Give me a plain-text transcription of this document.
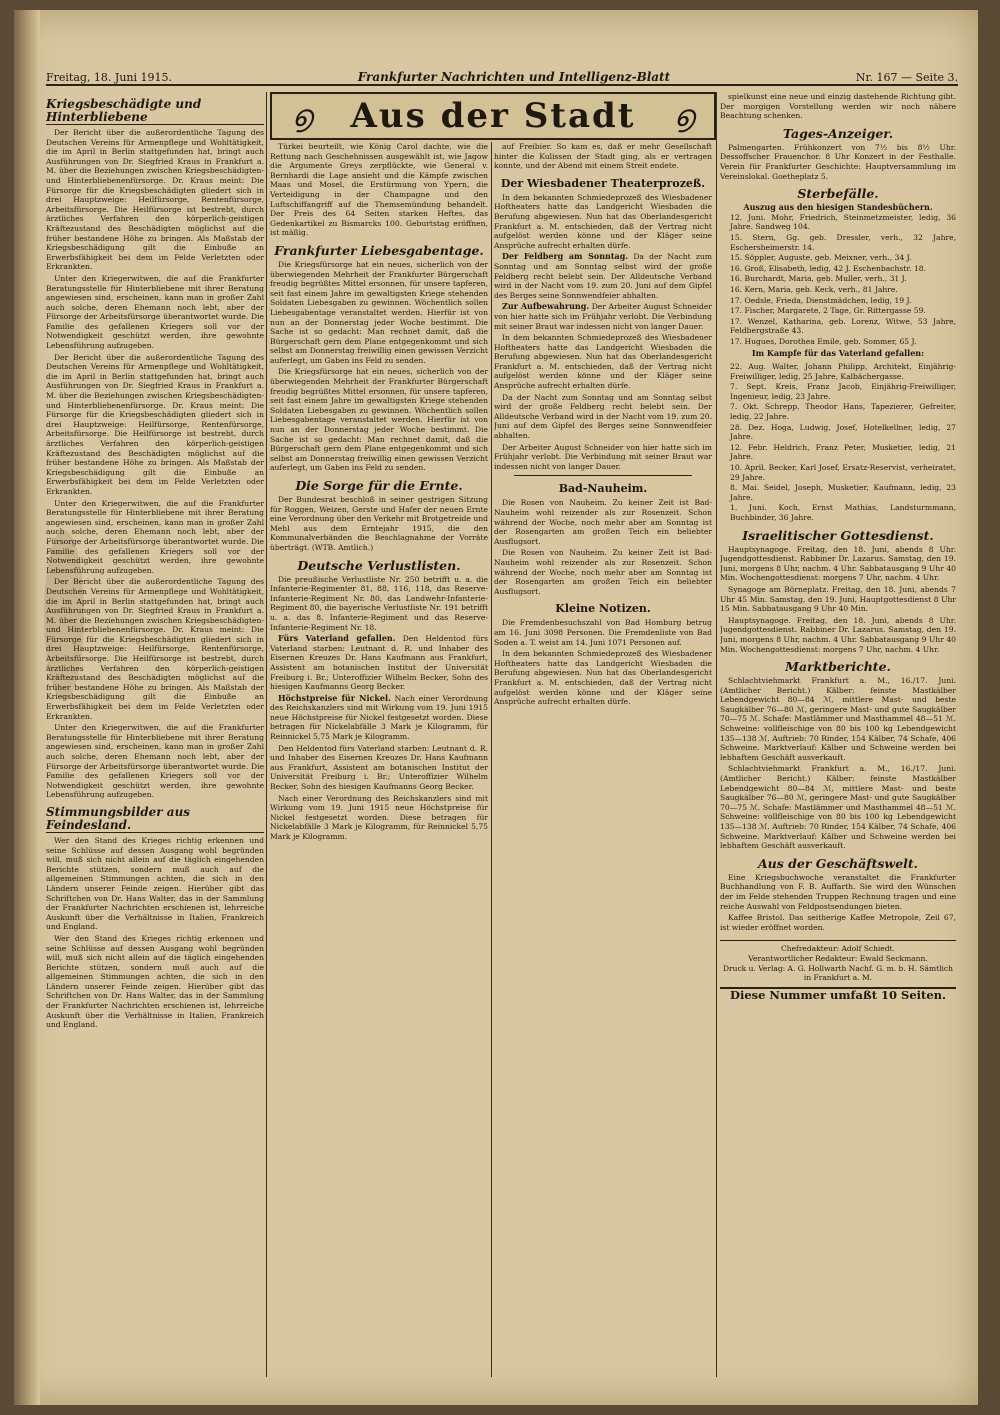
Freitag, 18. Juni 1915.	Frankfurter Nachrichten und Intelligenz-Blatt	Nr. 167 — Seite 3.
൭	Aus der Stadt	൭
Kriegsbeschädigte und Hinterbliebene

Der Bericht über die außerordentliche Tagung des Deutschen Vereins für Armenpflege und Wohltätigkeit, die im April in Berlin stattgefunden hat, bringt auch Ausführungen von Dr. Siegfried Kraus in Frankfurt a. M. über die Beziehungen zwischen Kriegsbeschädigten- und Hinterbliebenenfürsorge. Dr. Kraus meint: Die Fürsorge für die Kriegsbeschädigten gliedert sich in drei Hauptzweige: Heilfürsorge, Rentenfürsorge, Arbeitsfürsorge. Die Heilfürsorge ist bestrebt, durch ärztliches Verfahren den körperlich-geistigen Kräftezustand des Beschädigten möglichst auf die früher bestandene Höhe zu bringen. Als Maßstab der Kriegsbeschädigung gilt die Einbuße an Erwerbsfähigkeit bei dem im Felde Verletzten oder Erkrankten.

Unter den Kriegerwitwen, die auf die Frankfurter Beratungsstelle für Hinterbliebene mit ihrer Beratung angewiesen sind, erscheinen, kann man in großer Zahl auch solche, deren Ehemann noch lebt, aber der Fürsorge der Arbeitsfürsorge überantwortet wurde. Die Familie des gefallenen Kriegers soll vor der Notwendigkeit geschützt werden, ihre gewohnte Lebensführung aufzugeben.

Der Bericht über die außerordentliche Tagung des Deutschen Vereins für Armenpflege und Wohltätigkeit, die im April in Berlin stattgefunden hat, bringt auch Ausführungen von Dr. Siegfried Kraus in Frankfurt a. M. über die Beziehungen zwischen Kriegsbeschädigten- und Hinterbliebenenfürsorge. Dr. Kraus meint: Die Fürsorge für die Kriegsbeschädigten gliedert sich in drei Hauptzweige: Heilfürsorge, Rentenfürsorge, Arbeitsfürsorge. Die Heilfürsorge ist bestrebt, durch ärztliches Verfahren den körperlich-geistigen Kräftezustand des Beschädigten möglichst auf die früher bestandene Höhe zu bringen. Als Maßstab der Kriegsbeschädigung gilt die Einbuße an Erwerbsfähigkeit bei dem im Felde Verletzten oder Erkrankten.

Unter den Kriegerwitwen, die auf die Frankfurter Beratungsstelle für Hinterbliebene mit ihrer Beratung angewiesen sind, erscheinen, kann man in großer Zahl auch solche, deren Ehemann noch lebt, aber der Fürsorge der Arbeitsfürsorge überantwortet wurde. Die Familie des gefallenen Kriegers soll vor der Notwendigkeit geschützt werden, ihre gewohnte Lebensführung aufzugeben.

Der Bericht über die außerordentliche Tagung des Deutschen Vereins für Armenpflege und Wohltätigkeit, die im April in Berlin stattgefunden hat, bringt auch Ausführungen von Dr. Siegfried Kraus in Frankfurt a. M. über die Beziehungen zwischen Kriegsbeschädigten- und Hinterbliebenenfürsorge. Dr. Kraus meint: Die Fürsorge für die Kriegsbeschädigten gliedert sich in drei Hauptzweige: Heilfürsorge, Rentenfürsorge, Arbeitsfürsorge. Die Heilfürsorge ist bestrebt, durch ärztliches Verfahren den körperlich-geistigen Kräftezustand des Beschädigten möglichst auf die früher bestandene Höhe zu bringen. Als Maßstab der Kriegsbeschädigung gilt die Einbuße an Erwerbsfähigkeit bei dem im Felde Verletzten oder Erkrankten.

Unter den Kriegerwitwen, die auf die Frankfurter Beratungsstelle für Hinterbliebene mit ihrer Beratung angewiesen sind, erscheinen, kann man in großer Zahl auch solche, deren Ehemann noch lebt, aber der Fürsorge der Arbeitsfürsorge überantwortet wurde. Die Familie des gefallenen Kriegers soll vor der Notwendigkeit geschützt werden, ihre gewohnte Lebensführung aufzugeben.

Stimmungsbilder aus Feindesland.

Wer den Stand des Krieges richtig erkennen und seine Schlüsse auf dessen Ausgang wohl begründen will, muß sich nicht allein auf die täglich eingehenden Berichte stützen, sondern muß auch auf die allgemeinen Stimmungen achten, die sich in den Ländern unserer Feinde zeigen. Hierüber gibt das Schriftchen von Dr. Hans Walter, das in der Sammlung der Frankfurter Nachrichten erschienen ist, lehrreiche Auskunft über die Verhältnisse in Italien, Frankreich und England.

Wer den Stand des Krieges richtig erkennen und seine Schlüsse auf dessen Ausgang wohl begründen will, muß sich nicht allein auf die täglich eingehenden Berichte stützen, sondern muß auch auf die allgemeinen Stimmungen achten, die sich in den Ländern unserer Feinde zeigen. Hierüber gibt das Schriftchen von Dr. Hans Walter, das in der Sammlung der Frankfurter Nachrichten erschienen ist, lehrreiche Auskunft über die Verhältnisse in Italien, Frankreich und England.

Türkei beurteilt, wie König Carol dachte, wie die Rettung nach Geschehnissen ausgewählt ist, wie Jagow die Argumente Greys zerpflückte, wie General v. Bernhardi die Lage ansieht und die Kämpfe zwischen Maas und Mosel, die Erstürmung von Ypern, die Verteidigung in der Champagne und den Luftschiffangriff auf die Themsemündung behandelt. Der Preis des 64 Seiten starken Heftes, das Gedenkartikel zu Bismarcks 100. Geburtstag eröffnen, ist mäßig.

Frankfurter Liebesgabentage.

Die Kriegsfürsorge hat ein neues, sicherlich von der überwiegenden Mehrheit der Frankfurter Bürgerschaft freudig begrüßtes Mittel ersonnen, für unsere tapferen, seit fast einem Jahre im gewaltigsten Kriege stehenden Soldaten Liebesgaben zu gewinnen. Wöchentlich sollen Liebesgabentage veranstaltet werden. Hierfür ist von nun an der Donnerstag jeder Woche bestimmt. Die Sache ist so gedacht: Man rechnet damit, daß die Bürgerschaft gern dem Plane entgegenkommt und sich selbst am Donnerstag freiwillig einen gewissen Verzicht auferlegt, um Gaben ins Feld zu senden.

Die Kriegsfürsorge hat ein neues, sicherlich von der überwiegenden Mehrheit der Frankfurter Bürgerschaft freudig begrüßtes Mittel ersonnen, für unsere tapferen, seit fast einem Jahre im gewaltigsten Kriege stehenden Soldaten Liebesgaben zu gewinnen. Wöchentlich sollen Liebesgabentage veranstaltet werden. Hierfür ist von nun an der Donnerstag jeder Woche bestimmt. Die Sache ist so gedacht: Man rechnet damit, daß die Bürgerschaft gern dem Plane entgegenkommt und sich selbst am Donnerstag freiwillig einen gewissen Verzicht auferlegt, um Gaben ins Feld zu senden.

Die Sorge für die Ernte.

Der Bundesrat beschloß in seiner gestrigen Sitzung für Roggen, Weizen, Gerste und Hafer der neuen Ernte eine Verordnung über den Verkehr mit Brotgetreide und Mehl aus dem Erntejahr 1915, die den Kommunalverbänden die Beschlagnahme der Vorräte überträgt. (WTB. Amtlich.)

Deutsche Verlustlisten.

Die preußische Verlustliste Nr. 250 betrifft u. a. die Infanterie-Regimenter 81, 88, 116, 118, das Reserve-Infanterie-Regiment Nr. 80, das Landwehr-Infanterie-Regiment 80, die bayerische Verlustliste Nr. 191 betrifft u. a. das 8. Infanterie-Regiment und das Reserve-Infanterie-Regiment Nr. 18.

Fürs Vaterland gefallen. Den Heldentod fürs Vaterland starben: Leutnant d. R. und Inhaber des Eisernen Kreuzes Dr. Hans Kaufmann aus Frankfurt, Assistent am botanischen Institut der Universität Freiburg i. Br.; Unteroffizier Wilhelm Becker, Sohn des hiesigen Kaufmanns Georg Becker.

Höchstpreise für Nickel. Nach einer Verordnung des Reichskanzlers sind mit Wirkung vom 19. Juni 1915 neue Höchstpreise für Nickel festgesetzt worden. Diese betragen für Nickelabfälle 3 Mark je Kilogramm, für Reinnickel 5,75 Mark je Kilogramm.

Den Heldentod fürs Vaterland starben: Leutnant d. R. und Inhaber des Eisernen Kreuzes Dr. Hans Kaufmann aus Frankfurt, Assistent am botanischen Institut der Universität Freiburg i. Br.; Unteroffizier Wilhelm Becker, Sohn des hiesigen Kaufmanns Georg Becker.

Nach einer Verordnung des Reichskanzlers sind mit Wirkung vom 19. Juni 1915 neue Höchstpreise für Nickel festgesetzt worden. Diese betragen für Nickelabfälle 3 Mark je Kilogramm, für Reinnickel 5,75 Mark je Kilogramm.

auf Freibier. So kam es, daß er mehr Gesellschaft hinter die Kulissen der Stadt ging, als er vertragen konnte, und der Abend mit einem Streit endete.

Der Wiesbadener Theaterprozeß.

In dem bekannten Schmiedeprozeß des Wiesbadener Hoftheaters hatte das Landgericht Wiesbaden die Berufung abgewiesen. Nun hat das Oberlandesgericht Frankfurt a. M. entschieden, daß der Vertrag nicht aufgelöst werden könne und der Kläger seine Ansprüche aufrecht erhalten dürfe.

Der Feldberg am Sonntag. Da der Nacht zum Sonntag und am Sonntag selbst wird der große Feldberg recht belebt sein. Der Alldeutsche Verband wird in der Nacht vom 19. zum 20. Juni auf dem Gipfel des Berges seine Sonnwendfeier abhalten.

Zur Aufbewahrung. Der Arbeiter August Schneider von hier hatte sich im Frühjahr verlobt. Die Verbindung mit seiner Braut war indessen nicht von langer Dauer.

In dem bekannten Schmiedeprozeß des Wiesbadener Hoftheaters hatte das Landgericht Wiesbaden die Berufung abgewiesen. Nun hat das Oberlandesgericht Frankfurt a. M. entschieden, daß der Vertrag nicht aufgelöst werden könne und der Kläger seine Ansprüche aufrecht erhalten dürfe.

Da der Nacht zum Sonntag und am Sonntag selbst wird der große Feldberg recht belebt sein. Der Alldeutsche Verband wird in der Nacht vom 19. zum 20. Juni auf dem Gipfel des Berges seine Sonnwendfeier abhalten.

Der Arbeiter August Schneider von hier hatte sich im Frühjahr verlobt. Die Verbindung mit seiner Braut war indessen nicht von langer Dauer.

Bad-Nauheim.

Die Rosen von Nauheim. Zu keiner Zeit ist Bad-Nauheim wohl reizender als zur Rosenzeit. Schon während der Woche, noch mehr aber am Sonntag ist der Rosengarten am großen Teich ein beliebter Ausflugsort.

Die Rosen von Nauheim. Zu keiner Zeit ist Bad-Nauheim wohl reizender als zur Rosenzeit. Schon während der Woche, noch mehr aber am Sonntag ist der Rosengarten am großen Teich ein beliebter Ausflugsort.

Kleine Notizen.

Die Fremdenbesuchszahl von Bad Homburg betrug am 16. Juni 3098 Personen. Die Fremdenliste von Bad Soden a. T. weist am 14. Juni 1071 Personen auf.

In dem bekannten Schmiedeprozeß des Wiesbadener Hoftheaters hatte das Landgericht Wiesbaden die Berufung abgewiesen. Nun hat das Oberlandesgericht Frankfurt a. M. entschieden, daß der Vertrag nicht aufgelöst werden könne und der Kläger seine Ansprüche aufrecht erhalten dürfe.

spielkunst eine neue und einzig dastehende Richtung gibt. Der morgigen Vorstellung werden wir noch nähere Beachtung schenken.

Tages-Anzeiger.

Palmengarten. Frühkonzert von 7½ bis 8½ Uhr. Dessoffscher Frauenchor. 8 Uhr Konzert in der Festhalle. Verein für Frankfurter Geschichte: Hauptversammlung im Vereinslokal. Goetheplatz 5.

Sterbefälle.
Auszug aus den hiesigen Standesbüchern.

12. Juni. Mohr, Friedrich, Steinmetzmeister, ledig, 36 Jahre. Sandweg 104.

15. Stern, Gg. geb. Dressler, verh., 32 Jahre, Eschersheimerstr. 14.

15. Söppler, Auguste, geb. Meixner, verh., 34 J.

16. Groß, Elisabeth, ledig, 42 J. Eschenbachstr. 18.

16. Burchardt, Maria, geb. Muller, verh., 31 J.

16. Kern, Maria, geb. Keck, verh., 81 Jahre.

17. Oedsle, Frieda, Dienstmädchen, ledig, 19 J.

17. Fischer, Margarete, 2 Tage, Gr. Rittergasse 59.

17. Wenzel, Katharina, geb. Lorenz, Witwe, 53 Jahre, Feldbergstraße 43.

17. Hugues, Dorothea Emile, geb. Sommer, 65 J.

Im Kampfe für das Vaterland gefallen:

22. Aug. Walter, Johann Philipp, Architekt, Einjährig-Freiwilliger, ledig, 25 Jahre, Kalbächergasse.

7. Sept. Kreis, Franz Jacob, Einjährig-Freiwilliger, Ingenieur, ledig, 23 Jahre.

7. Okt. Schrepp, Theodor Hans, Tapezierer, Gefreiter, ledig, 22 Jahre.

28. Dez. Hoga, Ludwig, Josef, Hotelkellner, ledig, 27 Jahre.

12. Febr. Heldrich, Franz Peter, Musketier, ledig, 21 Jahre.

10. April. Becker, Karl Josef, Ersatz-Reservist, verheiratet, 29 Jahre.

8. Mai. Seidel, Joseph, Musketier, Kaufmann, ledig, 23 Jahre.

1. Juni. Koch, Ernst Mathias, Landsturmmann, Buchbinder, 36 Jahre.

Israelitischer Gottesdienst.

Hauptsynagoge. Freitag, den 18. Juni, abends 8 Uhr. Jugendgottesdienst. Rabbiner Dr. Lazarus. Samstag, den 19. Juni, morgens 8 Uhr, nachm. 4 Uhr. Sabbatausgang 9 Uhr 40 Min. Wochengottesdienst: morgens 7 Uhr, nachm. 4 Uhr.

Synagoge am Börneplatz. Freitag, den 18. Juni, abends 7 Uhr 45 Min. Samstag, den 19. Juni, Hauptgottesdienst 8 Uhr 15 Min. Sabbatausgang 9 Uhr 40 Min.

Hauptsynagoge. Freitag, den 18. Juni, abends 8 Uhr. Jugendgottesdienst. Rabbiner Dr. Lazarus. Samstag, den 19. Juni, morgens 8 Uhr, nachm. 4 Uhr. Sabbatausgang 9 Uhr 40 Min. Wochengottesdienst: morgens 7 Uhr, nachm. 4 Uhr.

Marktberichte.

Schlachtviehmarkt Frankfurt a. M., 16./17. Juni. (Amtlicher Bericht.) Kälber: feinste Mastkälber Lebendgewicht 80—84 ℳ, mittlere Mast- und beste Saugkälber 76—80 ℳ, geringere Mast- und gute Saugkälber 70—75 ℳ. Schafe: Mastlämmer und Masthammel 48—51 ℳ. Schweine: vollfleischige von 80 bis 100 kg Lebendgewicht 135—138 ℳ. Auftrieb: 70 Rinder, 154 Kälber, 74 Schafe, 406 Schweine. Marktverlauf: Kälber und Schweine werden bei lebhaftem Geschäft ausverkauft.

Schlachtviehmarkt Frankfurt a. M., 16./17. Juni. (Amtlicher Bericht.) Kälber: feinste Mastkälber Lebendgewicht 80—84 ℳ, mittlere Mast- und beste Saugkälber 76—80 ℳ, geringere Mast- und gute Saugkälber 70—75 ℳ. Schafe: Mastlämmer und Masthammel 48—51 ℳ. Schweine: vollfleischige von 80 bis 100 kg Lebendgewicht 135—138 ℳ. Auftrieb: 70 Rinder, 154 Kälber, 74 Schafe, 406 Schweine. Marktverlauf: Kälber und Schweine werden bei lebhaftem Geschäft ausverkauft.

Aus der Geschäftswelt.

Eine Kriegsbuchwoche veranstaltet die Frankfurter Buchhandlung von F. B. Auffarth. Sie wird den Wünschen der im Felde stehenden Truppen Rechnung tragen und eine reiche Auswahl von Feldpostsendungen bieten.

Kaffee Bristol. Das seitherige Kaffee Metropole, Zeil 67, ist wieder eröffnet worden.

Chefredakteur: Adolf Schiedt.
Verantwortlicher Redakteur: Ewald Seckmann.
Druck u. Verlag: A. G. Hollwarth Nachf. G. m. b. H. Sämtlich in Frankfurt a. M.
Diese Nummer umfaßt 10 Seiten.
